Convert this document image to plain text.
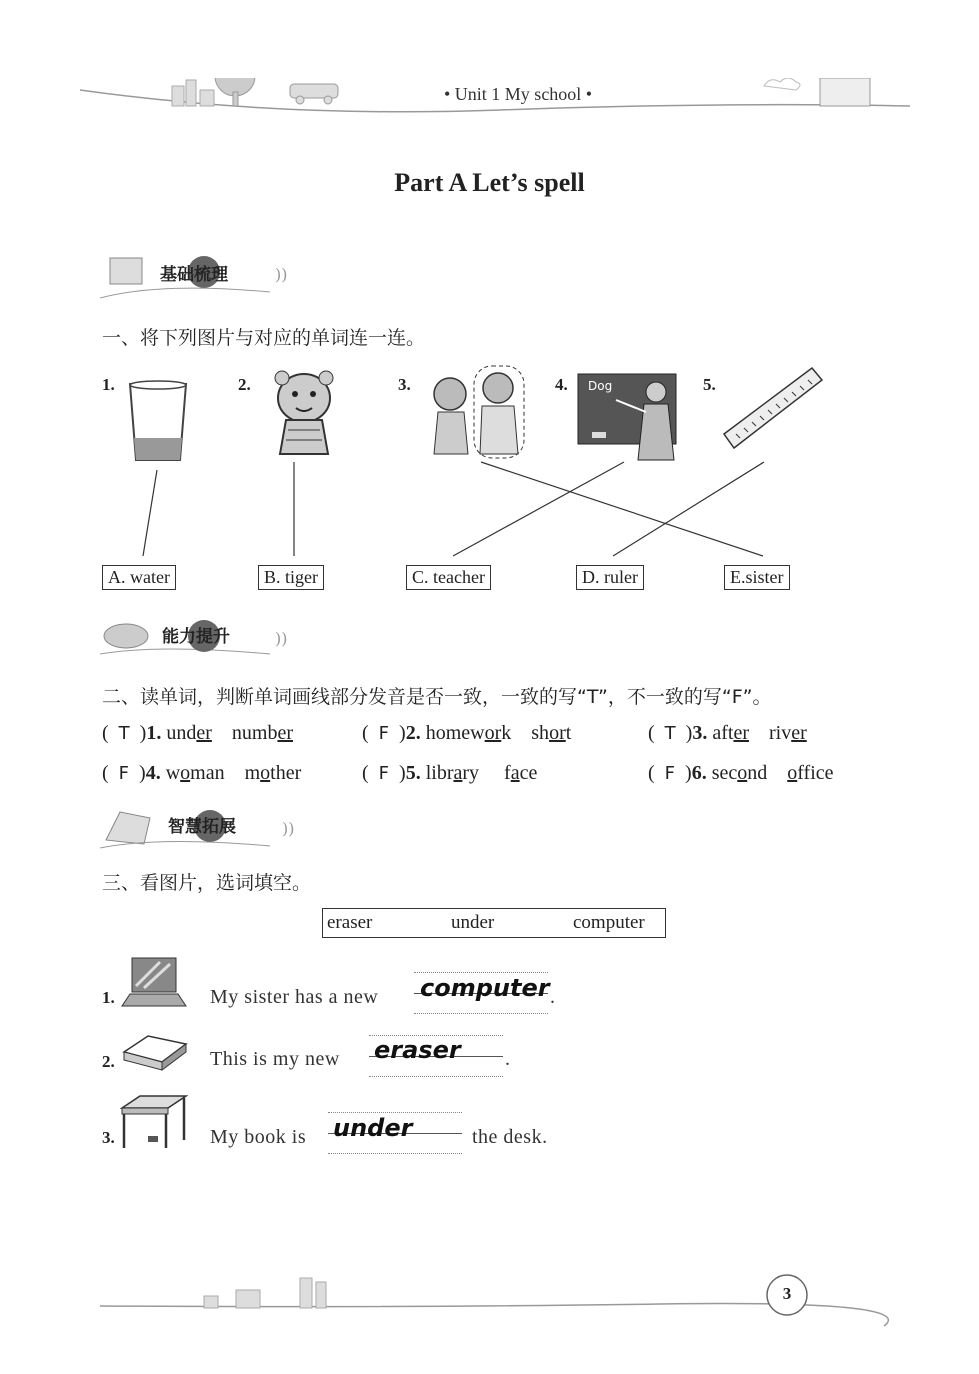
• Unit 1 My school •
Part A Let’s spell
))
基础梳理
一、将下列图片与对应的单词连一连。
1.	2.	3.	4. Dog	5.
A. water	B. tiger	C. teacher	D. ruler	E.sister
))
能力提升
二、读单词，判断单词画线部分发音是否一致，一致的写“T”，不一致的写“F”。
(  T  )1. under number	(  F  )2. homework short	(  T  )3. after river
(  F  )4. woman mother	(  F  )5. library face	(  F  )6. second office
))
智慧拓展
三、看图片，选词填空。
eraser	under	computer
1.	My sister has a new computer .
2.	This is my new eraser .
3.	My book is under	the desk.
3
